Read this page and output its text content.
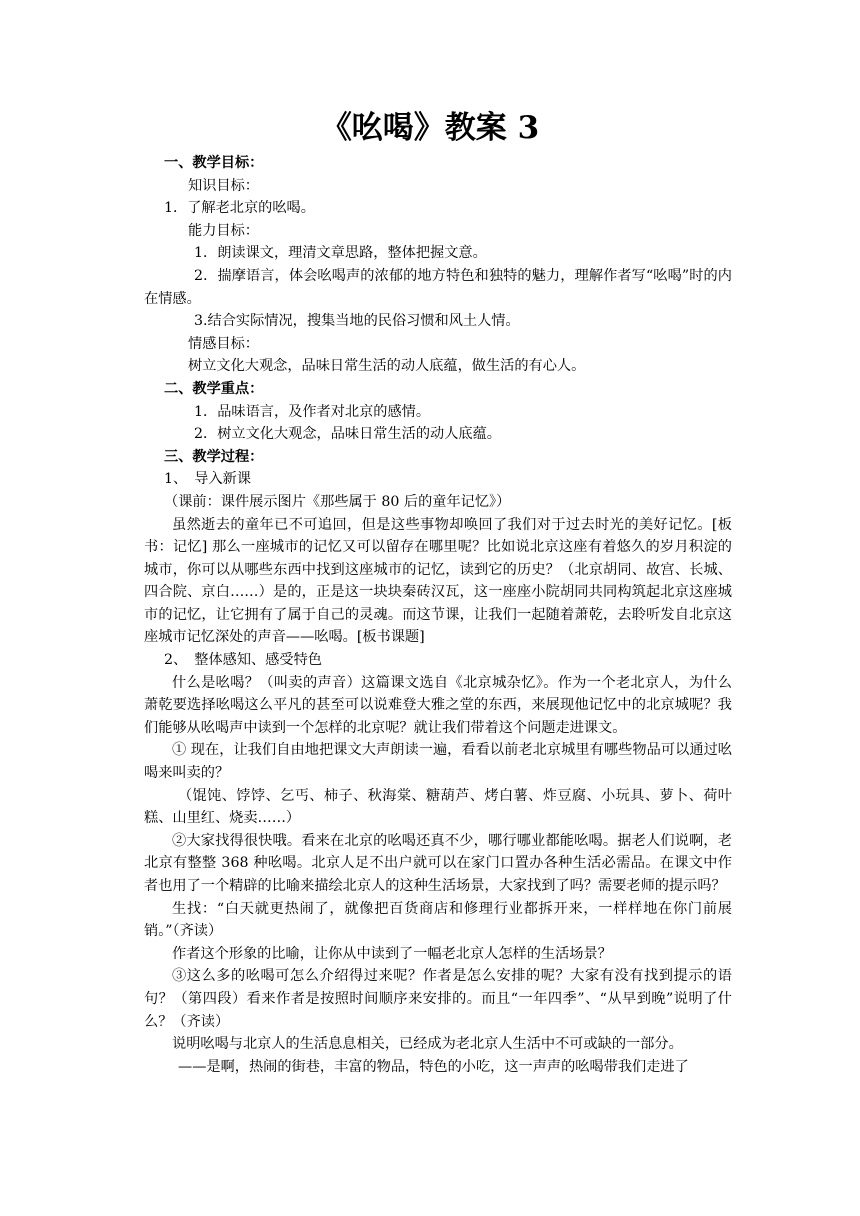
《吆喝》教案 3

一、教学目标：

知识目标：

1．了解老北京的吆喝。

能力目标：

1．朗读课文，理清文章思路，整体把握文意。

2．揣摩语言，体会吆喝声的浓郁的地方特色和独特的魅力，理解作者写“吆喝”时的内在情感。

3.结合实际情况，搜集当地的民俗习惯和风土人情。

情感目标：

树立文化大观念，品味日常生活的动人底蕴，做生活的有心人。

二、教学重点：

1．品味语言，及作者对北京的感情。

2．树立文化大观念，品味日常生活的动人底蕴。

三、教学过程：

1、　导入新课

（课前：课件展示图片《那些属于 80 后的童年记忆》）

虽然逝去的童年已不可追回，但是这些事物却唤回了我们对于过去时光的美好记忆。[板书：记忆] 那么一座城市的记忆又可以留存在哪里呢？比如说北京这座有着悠久的岁月积淀的城市，你可以从哪些东西中找到这座城市的记忆，读到它的历史？（北京胡同、故宫、长城、四合院、京白……）是的，正是这一块块秦砖汉瓦，这一座座小院胡同共同构筑起北京这座城市的记忆，让它拥有了属于自己的灵魂。而这节课，让我们一起随着萧乾，去聆听发自北京这座城市记忆深处的声音——吆喝。[板书课题]

2、　整体感知、感受特色

什么是吆喝？（叫卖的声音）这篇课文选自《北京城杂忆》。作为一个老北京人，为什么萧乾要选择吆喝这么平凡的甚至可以说难登大雅之堂的东西，来展现他记忆中的北京城呢？我们能够从吆喝声中读到一个怎样的北京呢？就让我们带着这个问题走进课文。

① 现在，让我们自由地把课文大声朗读一遍，看看以前老北京城里有哪些物品可以通过吆喝来叫卖的？

（馄饨、饽饽、乞丐、柿子、秋海棠、糖葫芦、烤白薯、炸豆腐、小玩具、萝卜、荷叶糕、山里红、烧卖……）

②大家找得很快哦。看来在北京的吆喝还真不少，哪行哪业都能吆喝。据老人们说啊，老北京有整整 368 种吆喝。北京人足不出户就可以在家门口置办各种生活必需品。在课文中作者也用了一个精辟的比喻来描绘北京人的这种生活场景，大家找到了吗？需要老师的提示吗？

生找：“白天就更热闹了，就像把百货商店和修理行业都拆开来，一样样地在你门前展销。”（齐读）

作者这个形象的比喻，让你从中读到了一幅老北京人怎样的生活场景？

③这么多的吆喝可怎么介绍得过来呢？作者是怎么安排的呢？大家有没有找到提示的语句？（第四段）看来作者是按照时间顺序来安排的。而且“一年四季”、“从早到晚”说明了什么？（齐读）

说明吆喝与北京人的生活息息相关，已经成为老北京人生活中不可或缺的一部分。

——是啊，热闹的街巷，丰富的物品，特色的小吃，这一声声的吆喝带我们走进了
